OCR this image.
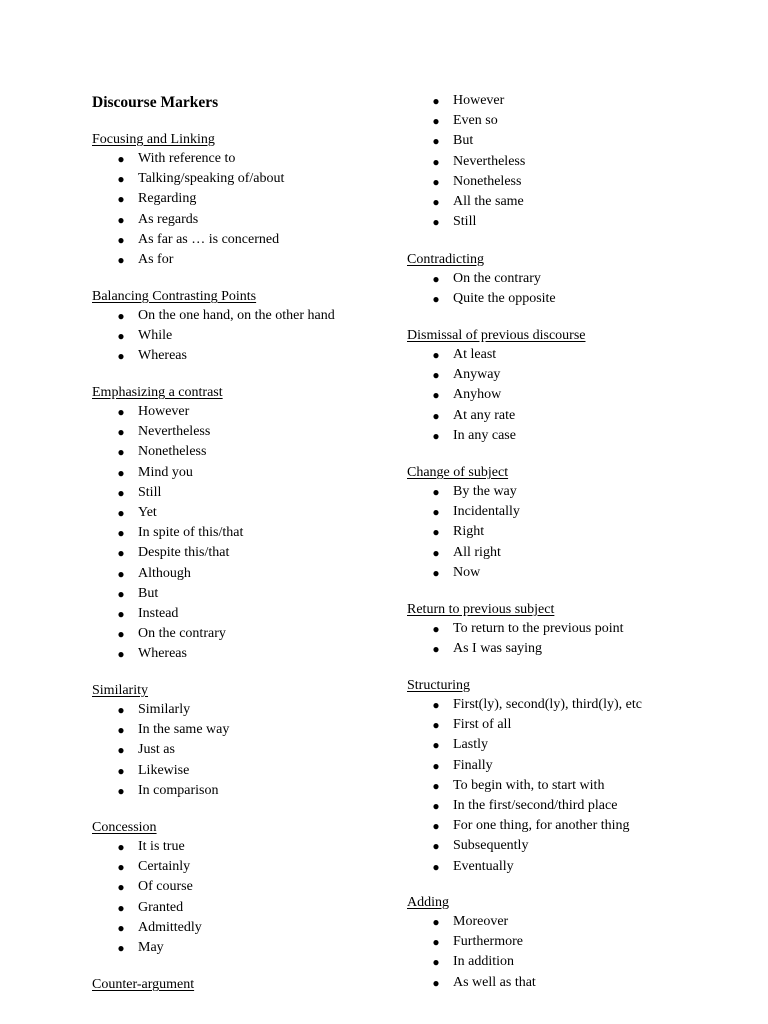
Discourse Markers
Focusing and Linking
● With reference to
● Talking/speaking of/about
● Regarding
● As regards
● As far as … is concerned
● As for
Balancing Contrasting Points
● On the one hand, on the other hand
● While
● Whereas
Emphasizing a contrast
● However
● Nevertheless
● Nonetheless
● Mind you
● Still
● Yet
● In spite of this/that
● Despite this/that
● Although
● But
● Instead
● On the contrary
● Whereas
Similarity
● Similarly
● In the same way
● Just as
● Likewise
● In comparison
Concession
● It is true
● Certainly
● Of course
● Granted
● Admittedly
● May
Counter-argument
● However
● Even so
● But
● Nevertheless
● Nonetheless
● All the same
● Still
Contradicting
● On the contrary
● Quite the opposite
Dismissal of previous discourse
● At least
● Anyway
● Anyhow
● At any rate
● In any case
Change of subject
● By the way
● Incidentally
● Right
● All right
● Now
Return to previous subject
● To return to the previous point
● As I was saying
Structuring
● First(ly), second(ly), third(ly), etc
● First of all
● Lastly
● Finally
● To begin with, to start with
● In the first/second/third place
● For one thing, for another thing
● Subsequently
● Eventually
Adding
● Moreover
● Furthermore
● In addition
● As well as that
